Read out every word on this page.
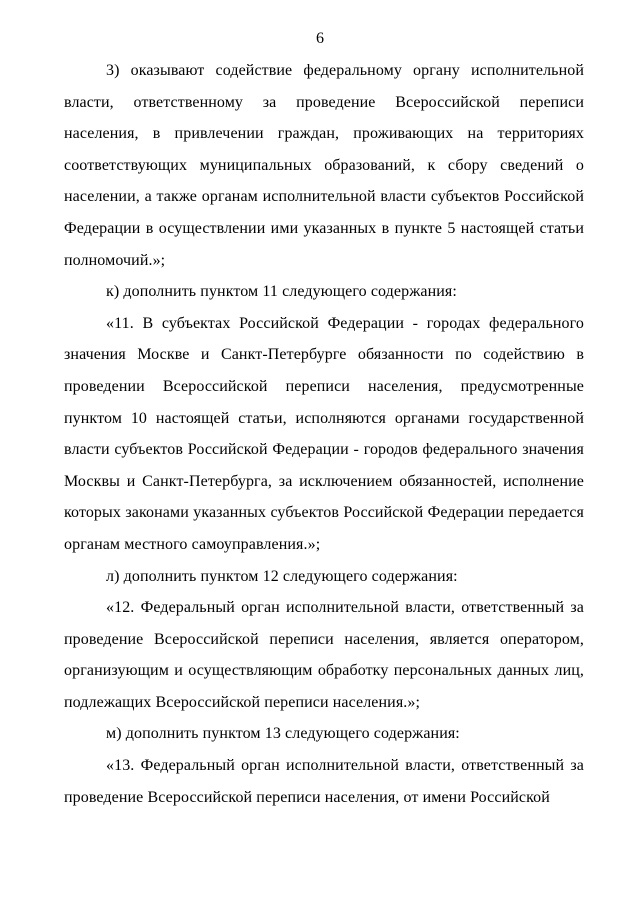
6

3) оказывают содействие федеральному органу исполнительной власти, ответственному за проведение Всероссийской переписи населения, в привлечении граждан, проживающих на территориях соответствующих муниципальных образований, к сбору сведений о населении, а также органам исполнительной власти субъектов Российской Федерации в осуществлении ими указанных в пункте 5 настоящей статьи полномочий.»;

к) дополнить пунктом 11 следующего содержания:

«11. В субъектах Российской Федерации - городах федерального значения Москве и Санкт-Петербурге обязанности по содействию в проведении Всероссийской переписи населения, предусмотренные пунктом 10 настоящей статьи, исполняются органами государственной власти субъектов Российской Федерации - городов федерального значения Москвы и Санкт-Петербурга, за исключением обязанностей, исполнение которых законами указанных субъектов Российской Федерации передается органам местного самоуправления.»;

л) дополнить пунктом 12 следующего содержания:

«12. Федеральный орган исполнительной власти, ответственный за проведение Всероссийской переписи населения, является оператором, организующим и осуществляющим обработку персональных данных лиц, подлежащих Всероссийской переписи населения.»;

м) дополнить пунктом 13 следующего содержания:

«13. Федеральный орган исполнительной власти, ответственный за проведение Всероссийской переписи населения, от имени Российской
